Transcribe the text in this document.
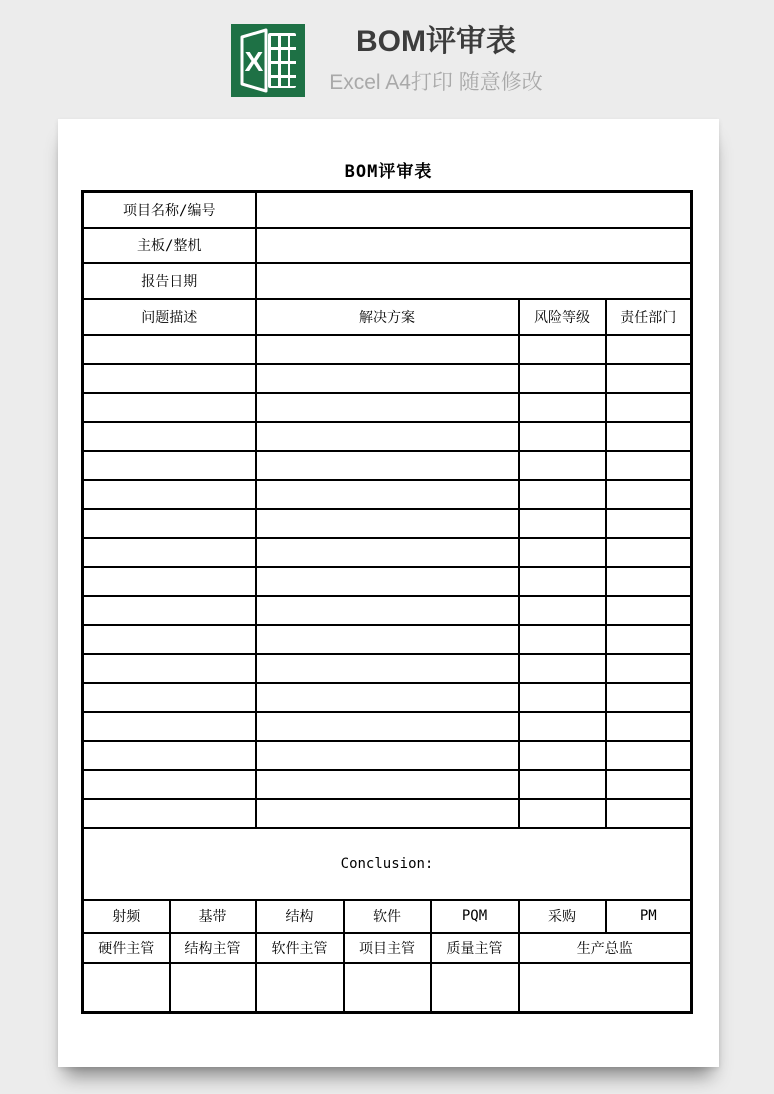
X
BOM评审表
Excel A4打印 随意修改
BOM评审表
项目名称/编号						
主板/整机						
报告日期						
问题描述		解决方案			风险等级	责任部门

Conclusion:						
射频	基带	结构	软件	PQM	采购	PM
硬件主管	结构主管	软件主管	项目主管	质量主管	生产总监	
